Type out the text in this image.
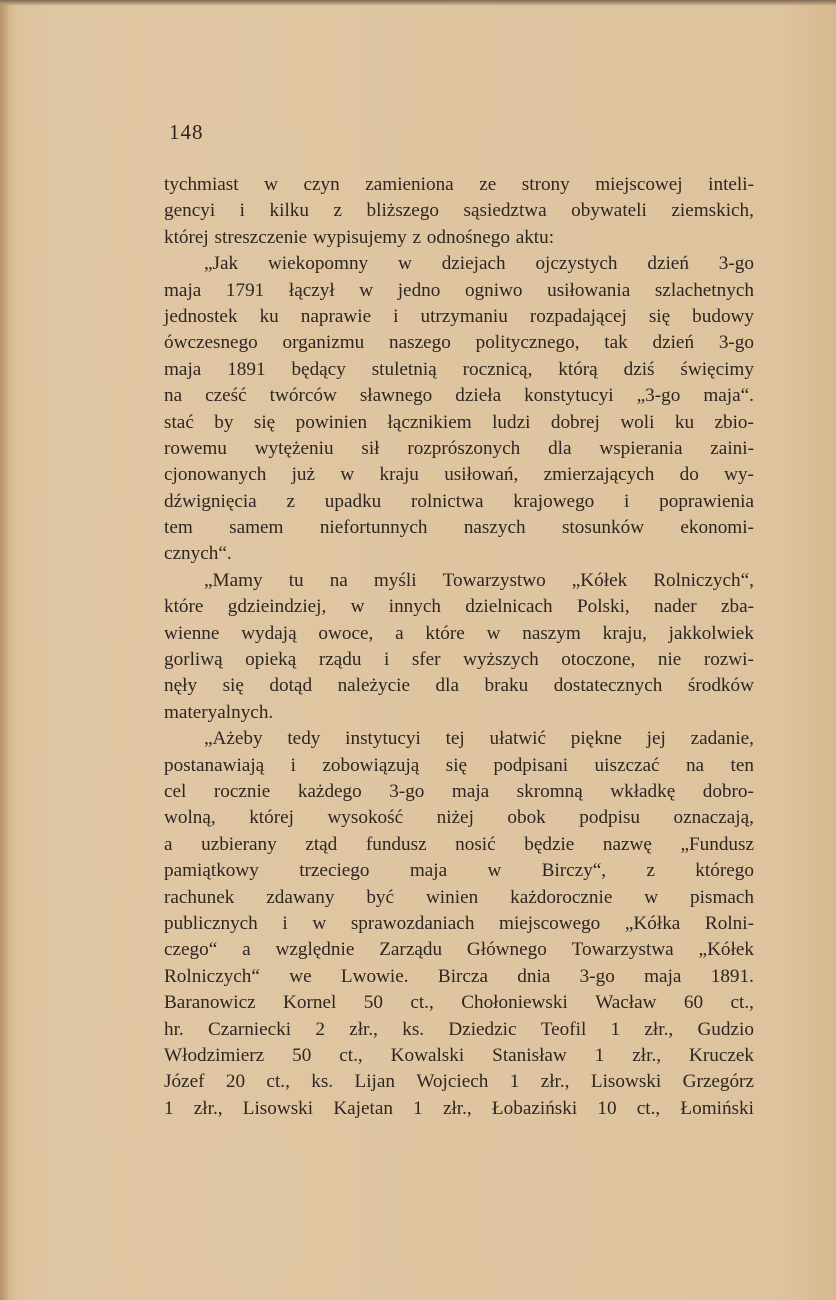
148
tychmiast w czyn zamieniona ze strony miejscowej inteli-
gencyi i kilku z bliższego sąsiedztwa obywateli ziemskich,
której streszczenie wypisujemy z odnośnego aktu:
„Jak wiekopomny w dziejach ojczystych dzień 3-go
maja 1791 łączył w jedno ogniwo usiłowania szlachetnych
jednostek ku naprawie i utrzymaniu rozpadającej się budowy
ówczesnego organizmu naszego politycznego, tak dzień 3-go
maja 1891 będący stuletnią rocznicą, którą dziś święcimy
na cześć twórców sławnego dzieła konstytucyi „3-go maja“.
stać by się powinien łącznikiem ludzi dobrej woli ku zbio-
rowemu wytężeniu sił rozprószonych dla wspierania zaini-
cjonowanych już w kraju usiłowań, zmierzających do wy-
dźwignięcia z upadku rolnictwa krajowego i poprawienia
tem samem niefortunnych naszych stosunków ekonomi-
cznych“.
„Mamy tu na myśli Towarzystwo „Kółek Rolniczych“,
które gdzieindziej, w innych dzielnicach Polski, nader zba-
wienne wydają owoce, a które w naszym kraju, jakkolwiek
gorliwą opieką rządu i sfer wyższych otoczone, nie rozwi-
nęły się dotąd należycie dla braku dostatecznych środków
materyalnych.
„Ażeby tedy instytucyi tej ułatwić piękne jej zadanie,
postanawiają i zobowiązują się podpisani uiszczać na ten
cel rocznie każdego 3-go maja skromną wkładkę dobro-
wolną, której wysokość niżej obok podpisu oznaczają,
a uzbierany ztąd fundusz nosić będzie nazwę „Fundusz
pamiątkowy trzeciego maja w Birczy“, z którego
rachunek zdawany być winien każdorocznie w pismach
publicznych i w sprawozdaniach miejscowego „Kółka Rolni-
czego“ a względnie Zarządu Głównego Towarzystwa „Kółek
Rolniczych“ we Lwowie. Bircza dnia 3-go maja 1891.
Baranowicz Kornel 50 ct., Chołoniewski Wacław 60 ct.,
hr. Czarniecki 2 złr., ks. Dziedzic Teofil 1 złr., Gudzio
Włodzimierz 50 ct., Kowalski Stanisław 1 złr., Kruczek
Józef 20 ct., ks. Lijan Wojciech 1 złr., Lisowski Grzegórz
1 złr., Lisowski Kajetan 1 złr., Łobaziński 10 ct., Łomiński
